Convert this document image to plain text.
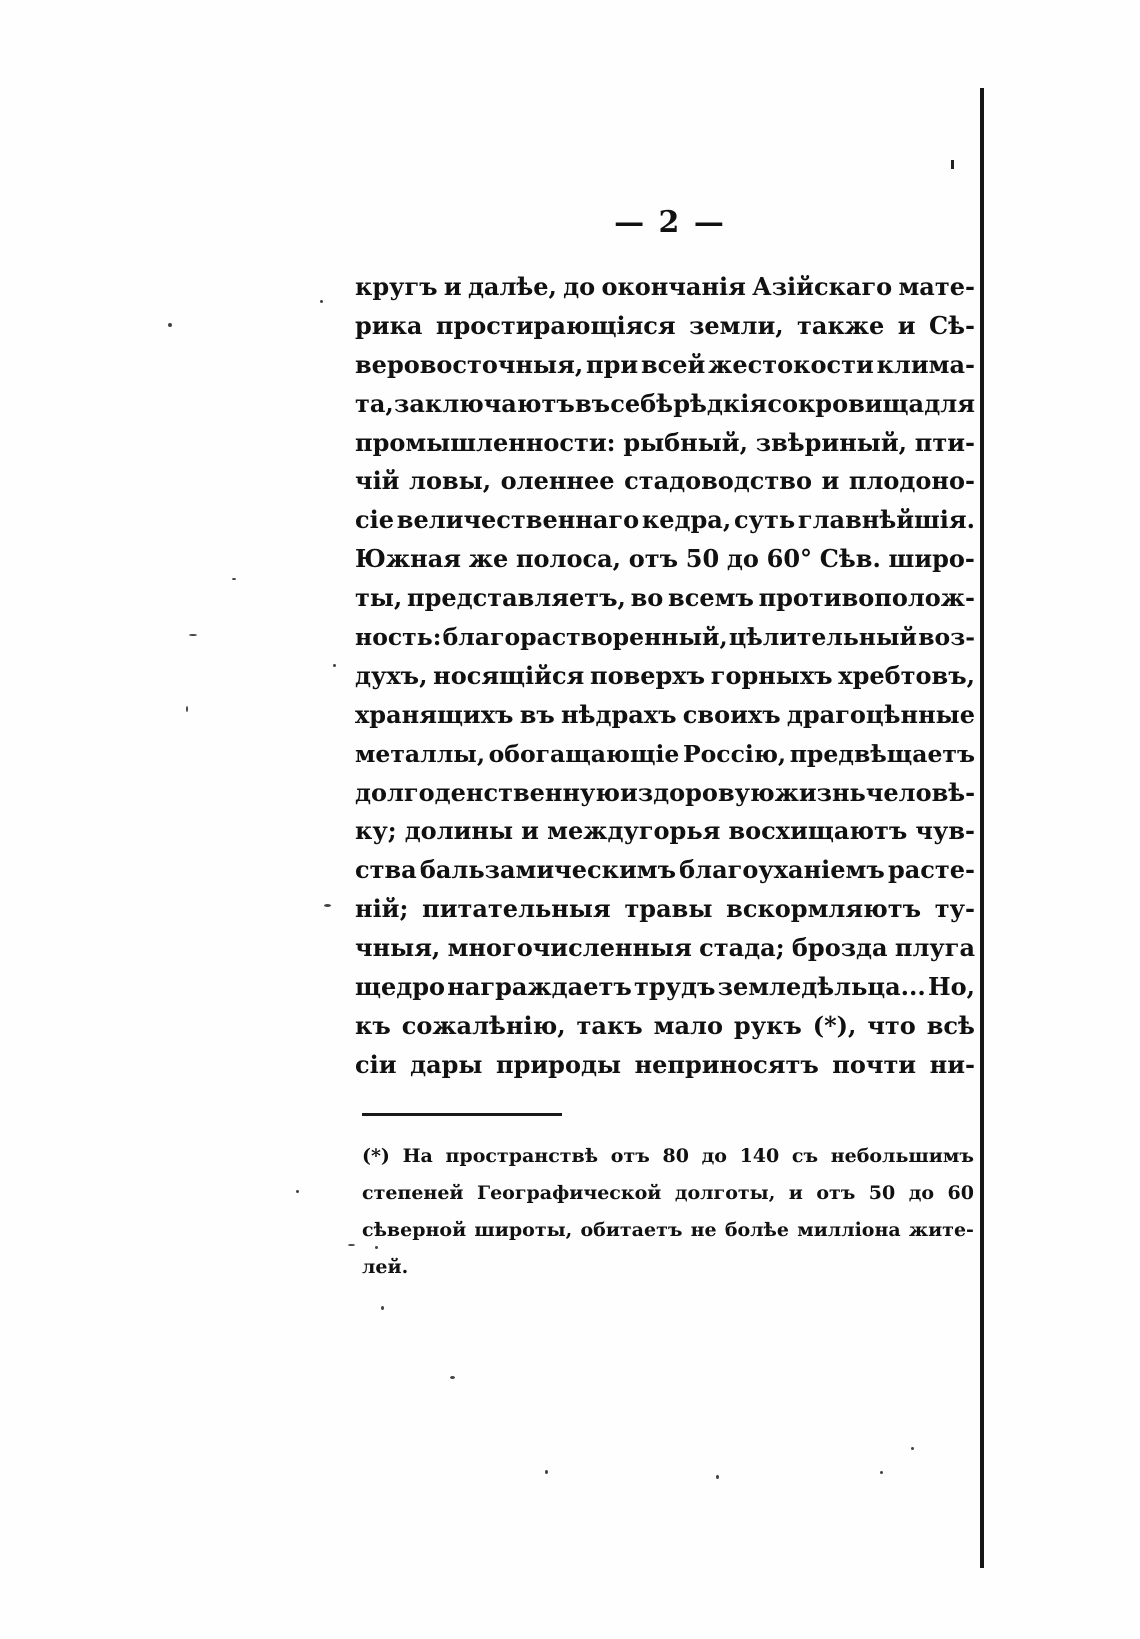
— 2 —
кругъ и далѣе, до окончанія Азійскаго мате-
рика простирающіяся земли, также и Сѣ-
веровосточныя, при всей жестокости клима-
та, заключаютъ въ себѣ рѣдкія сокровища для
промышленности: рыбный, звѣриный, пти-
чій ловы, оленнее стадоводство и плодоно-
сіе величественнаго кедра, суть главнѣйшія.
Южная же полоса, отъ 50 до 60° Сѣв. широ-
ты, представляетъ, во всемъ противополож-
ность: благорастворенный, цѣлительный воз-
духъ, носящійся поверхъ горныхъ хребтовъ,
хранящихъ въ нѣдрахъ своихъ драгоцѣнные
металлы, обогащающіе Россію, предвѣщаетъ
долгоденственную и здоровую жизнь человѣ-
ку; долины и междугорья восхищаютъ чув-
ства бальзамическимъ благоуханіемъ расте-
ній; питательныя травы вскормляютъ ту-
чныя, многочисленныя стада; броздa плуга
щедро награждаетъ трудъ земледѣльца... Но,
къ сожалѣнію, такъ мало рукъ (*), что всѣ
сіи дары природы неприносятъ почти ни-
(*) На пространствѣ отъ 80 до 140 съ небольшимъ
степеней Географической долготы, и отъ 50 до 60
сѣверной широты, обитаетъ не болѣе милліона жите-
лей.
